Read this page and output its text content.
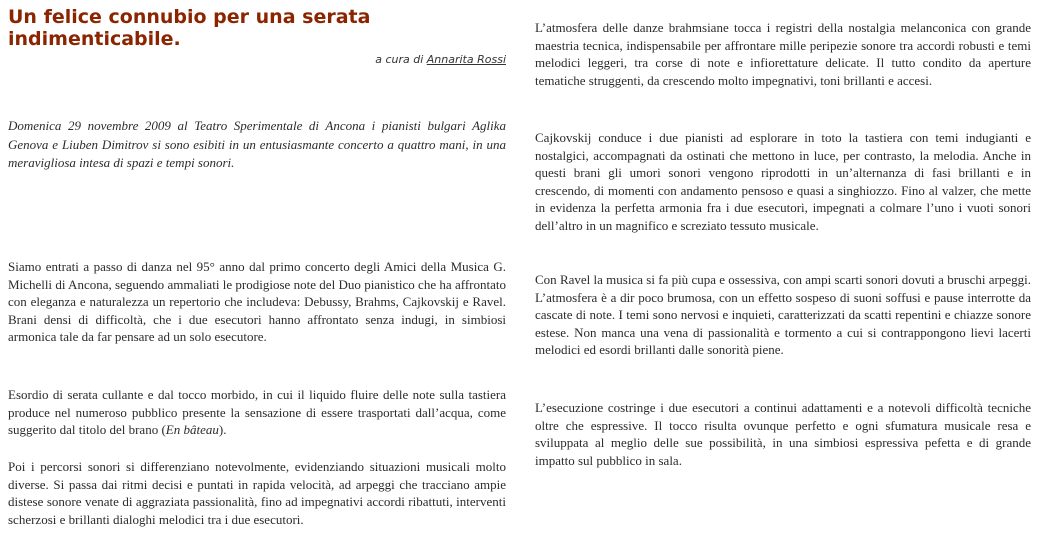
Un felice connubio per una serata indimenticabile.
a cura di Annarita Rossi

Domenica 29 novembre 2009 al Teatro Sperimentale di Ancona i pianisti bulgari Aglika Genova e Liuben Dimitrov si sono esibiti in un entusiasmante concerto a quattro mani, in una meravigliosa intesa di spazi e tempi sonori.

Siamo entrati a passo di danza nel 95° anno dal primo concerto degli Amici della Musica G. Michelli di Ancona, seguendo ammaliati le prodigiose note del Duo pianistico che ha affrontato con eleganza e naturalezza un repertorio che includeva: Debussy, Brahms, Cajkovskij e Ravel. Brani densi di difficoltà, che i due esecutori hanno affrontato senza indugi, in simbiosi armonica tale da far pensare ad un solo esecutore.

Esordio di serata cullante e dal tocco morbido, in cui il liquido fluire delle note sulla tastiera produce nel numeroso pubblico presente la sensazione di essere trasportati dall’acqua, come suggerito dal titolo del brano (En bâteau).

Poi i percorsi sonori si differenziano notevolmente, evidenziando situazioni musicali molto diverse. Si passa dai ritmi decisi e puntati in rapida velocità, ad arpeggi che tracciano ampie distese sonore venate di aggraziata passionalità, fino ad impegnativi accordi ribattuti, interventi scherzosi e brillanti dialoghi melodici tra i due esecutori.

L’atmosfera delle danze brahmsiane tocca i registri della nostalgia melanconica con grande maestria tecnica, indispensabile per affrontare mille peripezie sonore tra accordi robusti e temi melodici leggeri, tra corse di note e infiorettature delicate. Il tutto condito da aperture tematiche struggenti, da crescendo molto impegnativi, toni brillanti e accesi.

Cajkovskij conduce i due pianisti ad esplorare in toto la tastiera con temi indugianti e nostalgici, accompagnati da ostinati che mettono in luce, per contrasto, la melodia. Anche in questi brani gli umori sonori vengono riprodotti in un’alternanza di fasi brillanti e in crescendo, di momenti con andamento pensoso e quasi a singhiozzo. Fino al valzer, che mette in evidenza la perfetta armonia fra i due esecutori, impegnati a colmare l’uno i vuoti sonori dell’altro in un magnifico e screziato tessuto musicale.

Con Ravel la musica si fa più cupa e ossessiva, con ampi scarti sonori dovuti a bruschi arpeggi. L’atmosfera è a dir poco brumosa, con un effetto sospeso di suoni soffusi e pause interrotte da cascate di note. I temi sono nervosi e inquieti, caratterizzati da scatti repentini e chiazze sonore estese. Non manca una vena di passionalità e tormento a cui si contrappongono lievi lacerti melodici ed esordi brillanti dalle sonorità piene.

L’esecuzione costringe i due esecutori a continui adattamenti e a notevoli difficoltà tecniche oltre che espressive. Il tocco risulta ovunque perfetto e ogni sfumatura musicale resa e sviluppata al meglio delle sue possibilità, in una simbiosi espressiva pefetta e di grande impatto sul pubblico in sala.
